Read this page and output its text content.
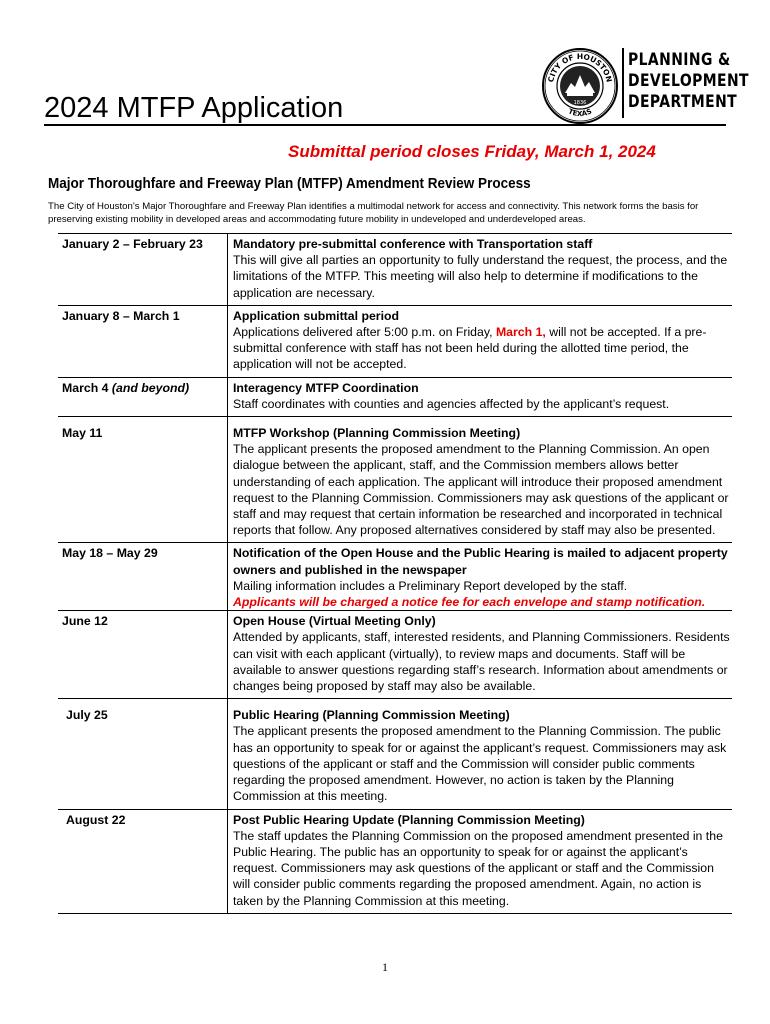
2024 MTFP Application
CITY OF HOUSTON
TEXAS
1836
PLANNING &
DEVELOPMENT
DEPARTMENT
Submittal period closes Friday, March 1, 2024
Major Thoroughfare and Freeway Plan (MTFP) Amendment Review Process
The City of Houston’s Major Thoroughfare and Freeway Plan identifies a multimodal network for access and connectivity. This network forms the basis for preserving existing mobility in developed areas and accommodating future mobility in undeveloped and underdeveloped areas.
January 2 – February 23	Mandatory pre-submittal conference with Transportation staff
This will give all parties an opportunity to fully understand the request, the process, and the limitations of the MTFP. This meeting will also help to determine if modifications to the application are necessary.
January 8 – March 1	Application submittal period
Applications delivered after 5:00 p.m. on Friday, March 1, will not be accepted. If a pre-submittal conference with staff has not been held during the allotted time period, the application will not be accepted.
March 4 (and beyond)	Interagency MTFP Coordination
Staff coordinates with counties and agencies affected by the applicant’s request.
May 11	MTFP Workshop (Planning Commission Meeting)
The applicant presents the proposed amendment to the Planning Commission. An open dialogue between the applicant, staff, and the Commission members allows better understanding of each application. The applicant will introduce their proposed amendment request to the Planning Commission. Commissioners may ask questions of the applicant or staff and may request that certain information be researched and incorporated in technical reports that follow. Any proposed alternatives considered by staff may also be presented.
May 18 – May 29	Notification of the Open House and the Public Hearing is mailed to adjacent property owners and published in the newspaper
Mailing information includes a Preliminary Report developed by the staff.
Applicants will be charged a notice fee for each envelope and stamp notification.

June 12	Open House (Virtual Meeting Only)
Attended by applicants, staff, interested residents, and Planning Commissioners. Residents can visit with each applicant (virtually), to review maps and documents. Staff will be available to answer questions regarding staff’s research. Information about amendments or changes being proposed by staff may also be available.
July 25	Public Hearing (Planning Commission Meeting)
The applicant presents the proposed amendment to the Planning Commission. The public has an opportunity to speak for or against the applicant’s request. Commissioners may ask questions of the applicant or staff and the Commission will consider public comments regarding the proposed amendment. However, no action is taken by the Planning Commission at this meeting.
August 22	Post Public Hearing Update (Planning Commission Meeting)
The staff updates the Planning Commission on the proposed amendment presented in the Public Hearing. The public has an opportunity to speak for or against the applicant’s request. Commissioners may ask questions of the applicant or staff and the Commission will consider public comments regarding the proposed amendment. Again, no action is taken by the Planning Commission at this meeting.
1
